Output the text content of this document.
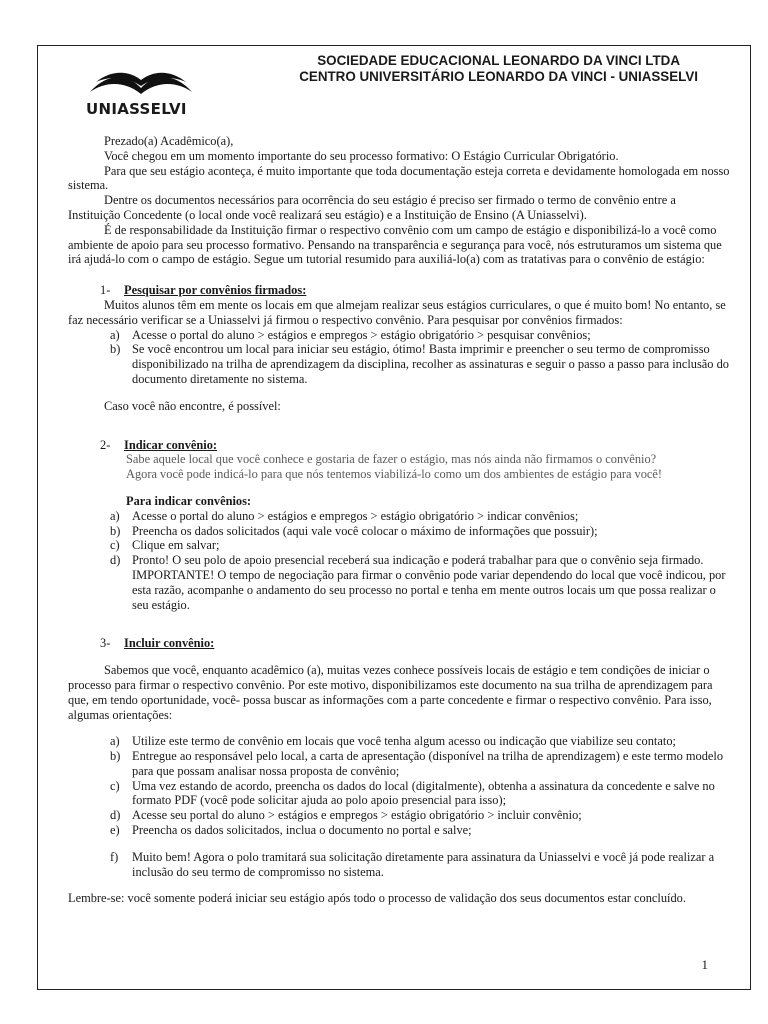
UNIASSELVI
SOCIEDADE EDUCACIONAL LEONARDO DA VINCI LTDA
CENTRO UNIVERSITÁRIO LEONARDO DA VINCI - UNIASSELVI

Prezado(a) Acadêmico(a),

Você chegou em um momento importante do seu processo formativo: O Estágio Curricular Obrigatório.

Para que seu estágio aconteça, é muito importante que toda documentação esteja correta e devidamente homologada em nosso sistema.

Dentre os documentos necessários para ocorrência do seu estágio é preciso ser firmado o termo de convênio entre a Instituição Concedente (o local onde você realizará seu estágio) e a Instituição de Ensino (A Uniasselvi).

É de responsabilidade da Instituição firmar o respectivo convênio com um campo de estágio e disponibilizá-lo a você como ambiente de apoio para seu processo formativo. Pensando na transparência e segurança para você, nós estruturamos um sistema que irá ajudá-lo com o campo de estágio. Segue um tutorial resumido para auxiliá-lo(a) com as tratativas para o convênio de estágio:

1- Pesquisar por convênios firmados:

Muitos alunos têm em mente os locais em que almejam realizar seus estágios curriculares, o que é muito bom! No entanto, se faz necessário verificar se a Uniasselvi já firmou o respectivo convênio. Para pesquisar por convênios firmados:

a) Acesse o portal do aluno > estágios e empregos > estágio obrigatório > pesquisar convênios;
b) Se você encontrou um local para iniciar seu estágio, ótimo! Basta imprimir e preencher o seu termo de compromisso disponibilizado na trilha de aprendizagem da disciplina, recolher as assinaturas e seguir o passo a passo para inclusão do documento diretamente no sistema.

Caso você não encontre, é possível:

2- Indicar convênio:

Sabe aquele local que você conhece e gostaria de fazer o estágio, mas nós ainda não firmamos o convênio?

Agora você pode indicá-lo para que nós tentemos viabilizá-lo como um dos ambientes de estágio para você!

Para indicar convênios:

a) Acesse o portal do aluno > estágios e empregos > estágio obrigatório > indicar convênios;
b) Preencha os dados solicitados (aqui vale você colocar o máximo de informações que possuir);
c) Clique em salvar;
d) Pronto! O seu polo de apoio presencial receberá sua indicação e poderá trabalhar para que o convênio seja firmado.
IMPORTANTE! O tempo de negociação para firmar o convênio pode variar dependendo do local que você indicou, por esta razão, acompanhe o andamento do seu processo no portal e tenha em mente outros locais um que possa realizar o seu estágio.
3- Incluir convênio:

Sabemos que você, enquanto acadêmico (a), muitas vezes conhece possíveis locais de estágio e tem condições de iniciar o processo para firmar o respectivo convênio. Por este motivo, disponibilizamos este documento na sua trilha de aprendizagem para que, em tendo oportunidade, você- possa buscar as informações com a parte concedente e firmar o respectivo convênio. Para isso, algumas orientações:

a) Utilize este termo de convênio em locais que você tenha algum acesso ou indicação que viabilize seu contato;
b) Entregue ao responsável pelo local, a carta de apresentação (disponível na trilha de aprendizagem) e este termo modelo para que possam analisar nossa proposta de convênio;
c) Uma vez estando de acordo, preencha os dados do local (digitalmente), obtenha a assinatura da concedente e salve no formato PDF (você pode solicitar ajuda ao polo apoio presencial para isso);
d) Acesse seu portal do aluno > estágios e empregos > estágio obrigatório > incluir convênio;
e) Preencha os dados solicitados, inclua o documento no portal e salve;
f)	Muito bem! Agora o polo tramitará sua solicitação diretamente para assinatura da Uniasselvi e você já pode realizar a inclusão do seu termo de compromisso no sistema.

Lembre-se: você somente poderá iniciar seu estágio após todo o processo de validação dos seus documentos estar concluído.

1
